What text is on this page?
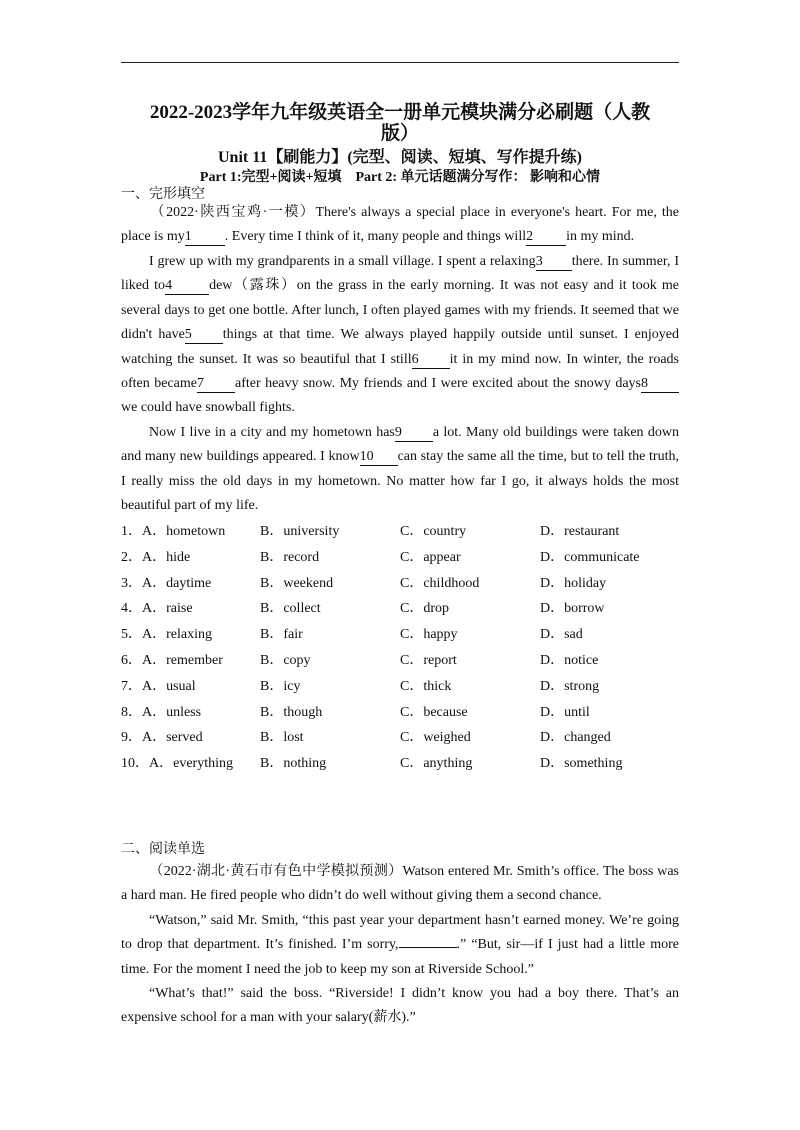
2022-2023学年九年级英语全一册单元模块满分必刷题（人教
版）
Unit 11【刷能力】(完型、阅读、短填、写作提升练)
Part 1:完型+阅读+短填　Part 2: 单元话题满分写作： 影响和心情
一、完形填空
（2022·陕西宝鸡·一模）There's always a special place in everyone's heart. For me, the place is my1 . Every time I think of it, many people and things will2 in my mind.
I grew up with my grandparents in a small village. I spent a relaxing3 there. In summer, I liked to4	dew（露珠）on the grass in the early morning. It was not easy and it took me several days to get one bottle. After lunch, I often played games with my friends. It seemed that we didn't have5 things at that time. We always played happily outside until sunset. I enjoyed watching the sunset. It was so beautiful that I still6 it in my mind now. In winter, the roads often became7 after heavy snow. My friends and I were excited about the snowy days8we could have snowball fights.
Now I live in a city and my hometown has9 a lot. Many old buildings were taken down and many new buildings appeared. I know10 can stay the same all the time, but to tell the truth, I really miss the old days in my hometown. No matter how far I go, it always holds the most beautiful part of my life.
1．A．hometown B．university	C．country	D．restaurant
2．A．hide	B．record	C．appear	D．communicate
3．A．daytime	B．weekend	C．childhood	D．holiday
4．A．raise	B．collect	C．drop	D．borrow
5．A．relaxing	B．fair	C．happy	D．sad
6．A．remember	B．copy	C．report	D．notice
7．A．usual	B．icy	C．thick	D．strong
8．A．unless	B．though	C．because	D．until
9．A．served	B．lost	C．weighed	D．changed
10．A．everything B．nothing	C．anything	D．something
二、阅读单选
（2022·湖北·黄石市有色中学模拟预测）Watson entered Mr. Smith’s office. The boss was a hard man. He fired people who didn’t do well without giving them a second chance.
“Watson,” said Mr. Smith, “this past year your department hasn’t earned money. We’re going to drop that department. It’s finished. I’m sorry,	.” “But, sir—if I just had a little more time. For the moment I need the job to keep my son at Riverside School.”
“What’s that!” said the boss. “Riverside! I didn’t know you had a boy there. That’s an expensive school for a man with your salary(薪水).”
